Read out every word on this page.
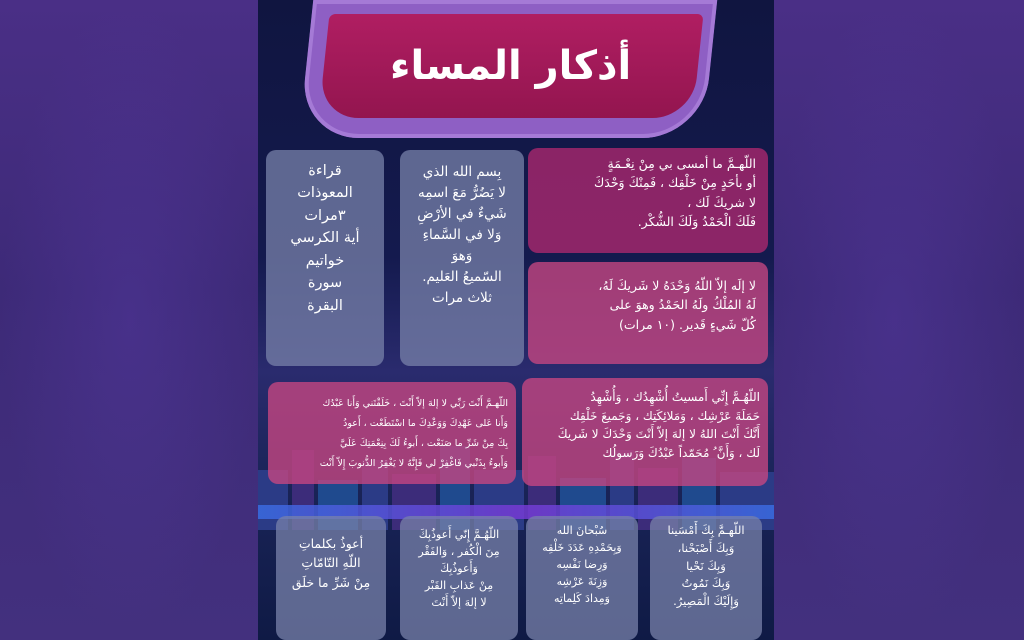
أذكار المساء
قراءة
المعوذات
٣مرات
أية الكرسي
خواتيم
سورة
البقرة
بِسم الله الذي
لا يَضُرُّ مَعَ اسمِه
شَيءٌ في الأرْضِ
وَلا في السَّماءِ
وَهوَ
السّميعُ العَليم.
ثلاث مرات
اللّهـمَّ ما أمسى بي مِنْ نِعْـمَةٍ
أو بأحَدٍ مِنْ خَلْقِك ، فَمِنْكَ وَحْدَكَ
لا شريكَ لَك ،
فَلَكَ الْحَمْدُ وَلَكَ الشُّكْر.
لا إلَه إلاّ اللّهُ وَحْدَهُ لا شَريكَ لَهُ،
لَهُ المُلْكُ ولَهُ الحَمْدُ وهوَ على
كُلّ شَيءٍ قَدير. (١٠ مرات)
اللّهـمَّ أَنْتَ رَبِّي لا إلهَ إلاّ أَنْتَ ، خَلَقْتَني وَأَنا عَبْدُك
وَأَنا عَلى عَهْدِكَ وَوَعْدِكَ ما اسْتَطَعْت ، أَعوذُ
بِكَ مِنْ شَرِّ ما صَنَعْت ، أَبوءُ لَكَ بِنِعْمَتِكَ عَلَيَّ
وَأَبوءُ بِذَنْبي فَاغْفِرْ لي فَإِنَّهُ لا يَغْفِرُ الذُّنوبَ إِلاّ أَنْت
اللّهُـمَّ إِنِّي أَمسيتُ أُشْهِدُك ، وَأُشْهِدُ
حَمَلَةَ عَرْشِك ، وَمَلائِكَتِك ، وَجَميعَ خَلْقِك
أَنَّكَ أَنْتَ اللهُ لا إلهَ إلاّ أَنْتَ وَحْدَكَ لا شَريكَ
لَك ، وَأَنَّ ُ مُحَمّداً عَبْدُكَ وَرَسولُك
أعوذُ بكلماتِ
اللّهِ التّامّاتِ
مِنْ شَرِّ ما خلَق
اللّهُـمَّ إِنّي أَعوذُبِكَ
مِنَ الْكُفر ، وَالفَقْر
وَأَعوذُبِكَ
مِنْ عَذابِ القَبْر
لا إلهَ إلاّ أَنْتَ
سُبْحانَ الله
وَبِحَمْدِهِ عَدَدَ خَلْقِه
وَرِضا نَفْسِه
وَزِنَةَ عَرْشِه
وَمِدادَ كَلِماتِه
اللّهـمَّ بِكَ أَمْسَينا
وَبِكَ أَصْبَحْنا،
وَبِكَ نَحْيا
وَبِكَ نَمُوتُ
وَإِلَيْكَ الْمَصِيرُ.
